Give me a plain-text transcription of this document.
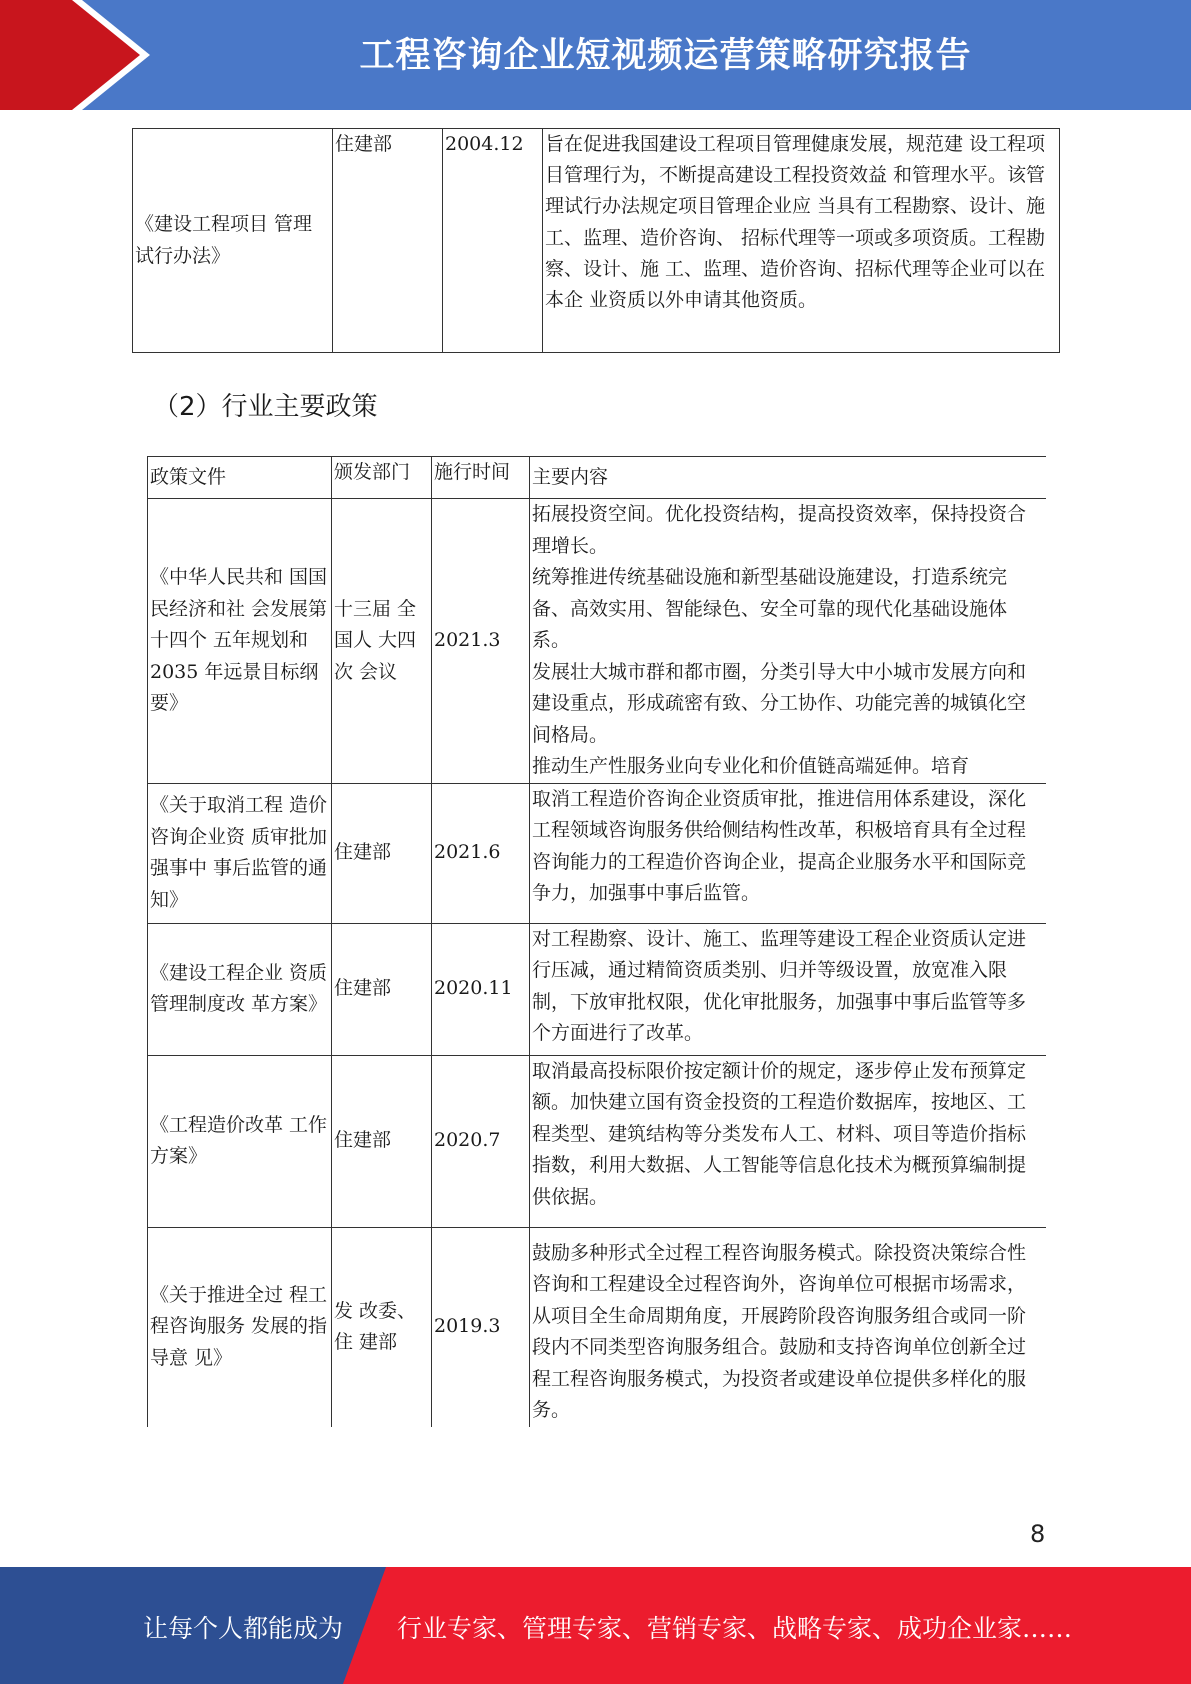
工程咨询企业短视频运营策略研究报告
《建设工程项目 管理试行办法》	住建部	2004.12	旨在促进我国建设工程项目管理健康发展，规范建 设工程项目管理行为，不断提高建设工程投资效益 和管理水平。该管理试行办法规定项目管理企业应 当具有工程勘察、设计、施工、监理、造价咨询、 招标代理等一项或多项资质。工程勘察、设计、施 工、监理、造价咨询、招标代理等企业可以在本企 业资质以外申请其他资质。
（2）行业主要政策
政策文件	颁发部门	施行时间	主要内容
《中华人民共和 国国民经济和社 会发展第十四个 五年规划和 2035 年远景目标纲 要》	十三届 全国人 大四次 会议	2021.3	拓展投资空间。优化投资结构，提高投资效率，保持投资合理增长。
统筹推进传统基础设施和新型基础设施建设，打造系统完备、高效实用、智能绿色、安全可靠的现代化基础设施体系。
发展壮大城市群和都市圈，分类引导大中小城市发展方向和建设重点，形成疏密有致、分工协作、功能完善的城镇化空间格局。
推动生产性服务业向专业化和价值链高端延伸。培育
《关于取消工程 造价咨询企业资 质审批加强事中 事后监管的通 知》	住建部	2021.6	取消工程造价咨询企业资质审批，推进信用体系建设，深化工程领域咨询服务供给侧结构性改革，积极培育具有全过程咨询能力的工程造价咨询企业，提高企业服务水平和国际竞争力，加强事中事后监管。
《建设工程企业 资质管理制度改 革方案》	住建部	2020.11	对工程勘察、设计、施工、监理等建设工程企业资质认定进行压减，通过精简资质类别、归并等级设置，放宽准入限制，下放审批权限，优化审批服务，加强事中事后监管等多个方面进行了改革。
《工程造价改革 工作方案》	住建部	2020.7	取消最高投标限价按定额计价的规定，逐步停止发布预算定额。加快建立国有资金投资的工程造价数据库，按地区、工程类型、建筑结构等分类发布人工、材料、项目等造价指标指数，利用大数据、人工智能等信息化技术为概预算编制提供依据。
《关于推进全过 程工程咨询服务 发展的指导意 见》	发 改委、住 建部	2019.3	鼓励多种形式全过程工程咨询服务模式。除投资决策综合性咨询和工程建设全过程咨询外，咨询单位可根据市场需求，从项目全生命周期角度，开展跨阶段咨询服务组合或同一阶段内不同类型咨询服务组合。鼓励和支持咨询单位创新全过程工程咨询服务模式，为投资者或建设单位提供多样化的服务。
8
让每个人都能成为 行业专家、管理专家、营销专家、战略专家、成功企业家……
